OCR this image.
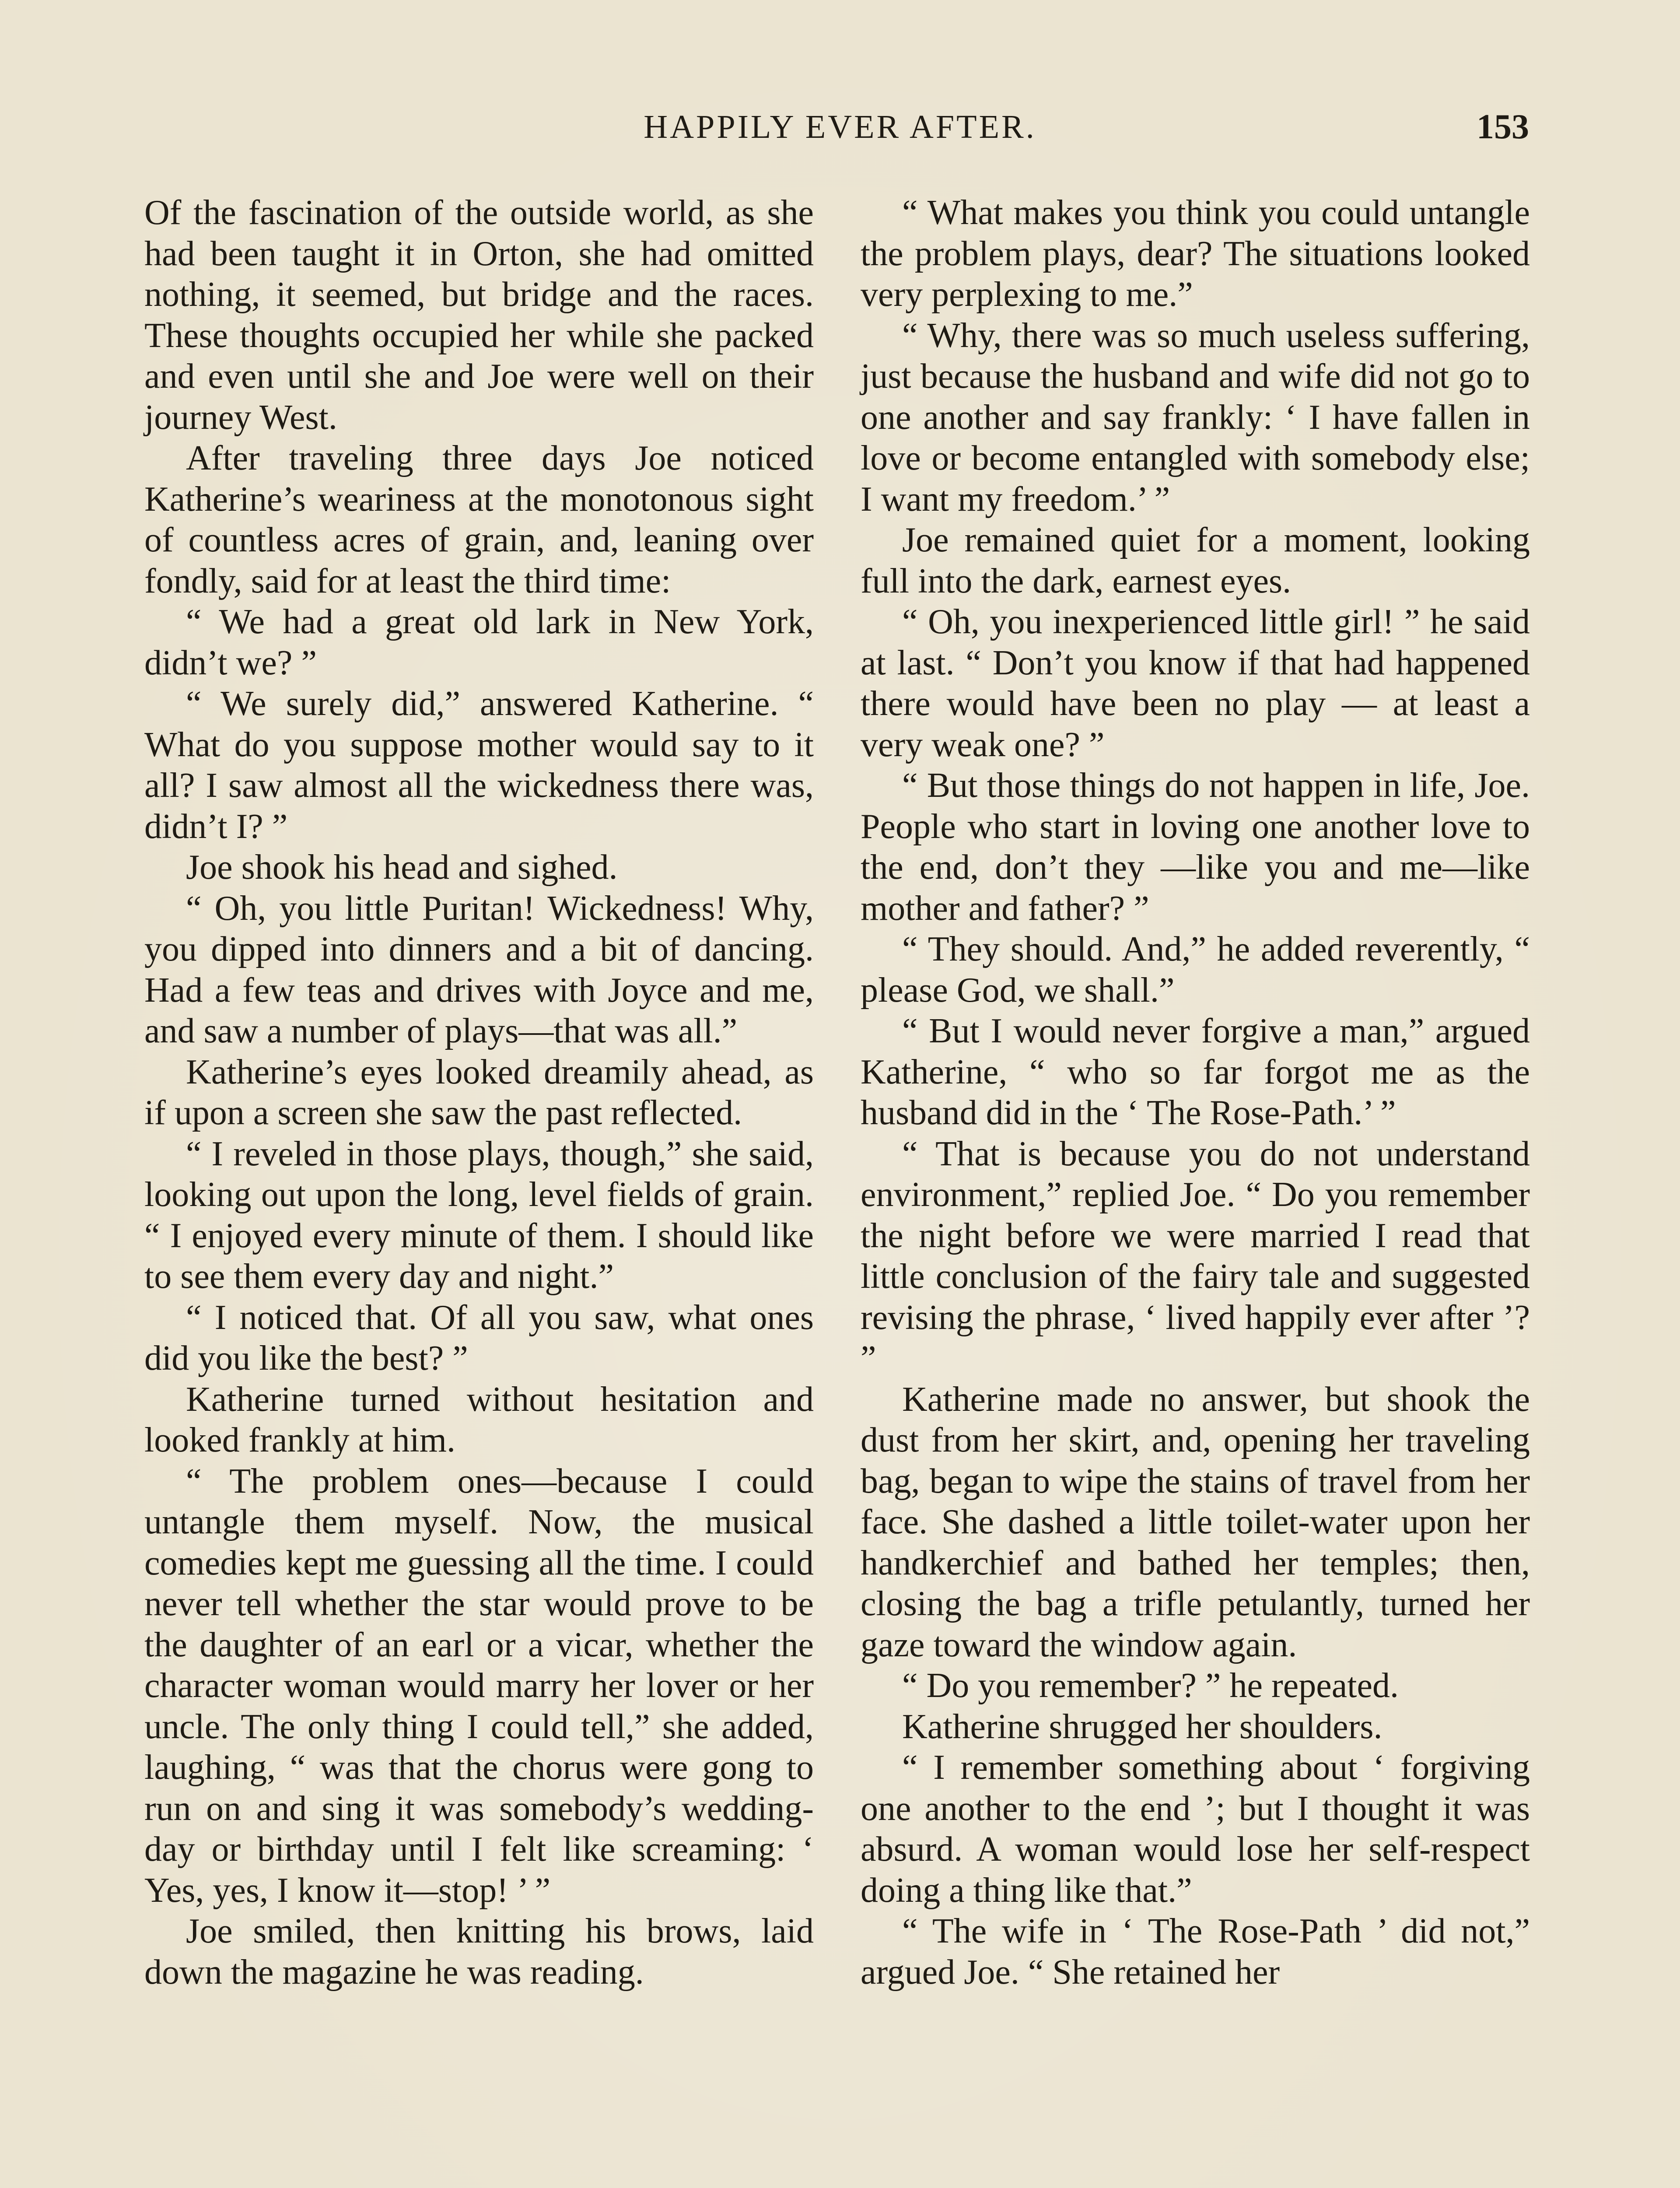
HAPPILY EVER AFTER.	153

Of the fascination of the outside world, as she had been taught it in Orton, she had omitted nothing, it seemed, but bridge and the races. These thoughts occupied her while she packed and even until she and Joe were well on their journey West.

After traveling three days Joe noticed Katherine’s weariness at the monotonous sight of countless acres of grain, and, leaning over fondly, said for at least the third time:

“ We had a great old lark in New York, didn’t we? ”

“ We surely did,” answered Katherine. “ What do you suppose mother would say to it all? I saw almost all the wickedness there was, didn’t I? ”

Joe shook his head and sighed.

“ Oh, you little Puritan! Wickedness! Why, you dipped into dinners and a bit of dancing. Had a few teas and drives with Joyce and me, and saw a number of plays—that was all.”

Katherine’s eyes looked dreamily ahead, as if upon a screen she saw the past reflected.

“ I reveled in those plays, though,” she said, looking out upon the long, level fields of grain. “ I enjoyed every minute of them. I should like to see them every day and night.”

“ I noticed that. Of all you saw, what ones did you like the best? ”

Katherine turned without hesitation and looked frankly at him.

“ The problem ones—because I could untangle them myself. Now, the musical comedies kept me guessing all the time. I could never tell whether the star would prove to be the daughter of an earl or a vicar, whether the character woman would marry her lover or her uncle. The only thing I could tell,” she added, laughing, “ was that the chorus were gong to run on and sing it was somebody’s wedding-day or birthday until I felt like screaming: ‘ Yes, yes, I know it—stop! ’ ”

Joe smiled, then knitting his brows, laid down the magazine he was reading.

“ What makes you think you could untangle the problem plays, dear? The situations looked very perplexing to me.”

“ Why, there was so much useless suffering, just because the husband and wife did not go to one another and say frankly: ‘ I have fallen in love or become entangled with somebody else; I want my freedom.’ ”

Joe remained quiet for a moment, looking full into the dark, earnest eyes.

“ Oh, you inexperienced little girl! ” he said at last. “ Don’t you know if that had happened there would have been no play — at least a very weak one? ”

“ But those things do not happen in life, Joe. People who start in loving one another love to the end, don’t they —like you and me—like mother and father? ”

“ They should. And,” he added reverently, “ please God, we shall.”

“ But I would never forgive a man,” argued Katherine, “ who so far forgot me as the husband did in the ‘ The Rose-Path.’ ”

“ That is because you do not understand environment,” replied Joe. “ Do you remember the night before we were married I read that little conclusion of the fairy tale and suggested revising the phrase, ‘ lived happily ever after ’? ”

Katherine made no answer, but shook the dust from her skirt, and, opening her traveling bag, began to wipe the stains of travel from her face. She dashed a little toilet-water upon her handkerchief and bathed her temples; then, closing the bag a trifle petulantly, turned her gaze toward the window again.

“ Do you remember? ” he repeated.

Katherine shrugged her shoulders.

“ I remember something about ‘ forgiving one another to the end ’; but I thought it was absurd. A woman would lose her self-respect doing a thing like that.”

“ The wife in ‘ The Rose-Path ’ did not,” argued Joe. “ She retained her
